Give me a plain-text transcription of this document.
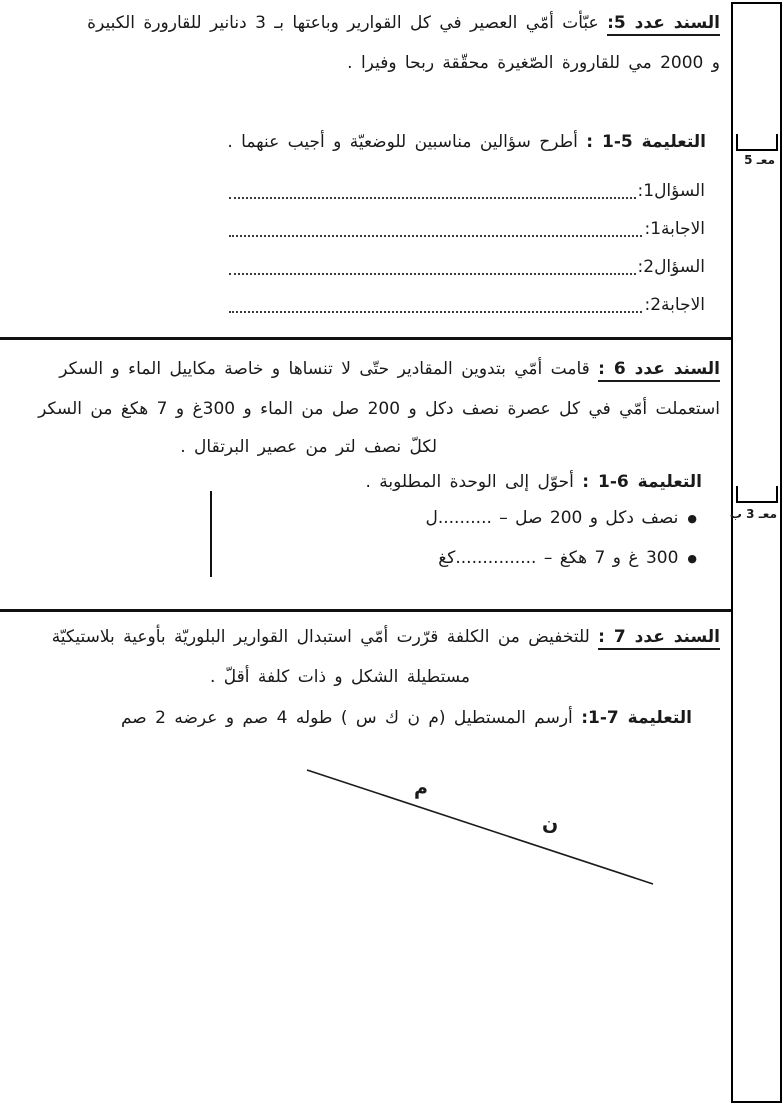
السند عدد 5: عبّأت أمّي العصير في كل القوارير وباعتها بـ 3 دنانير للقارورة الكبيرة
و 2000 مي للقارورة الصّغيرة محقّقة ربحا وفيرا .
التعليمة 5-1 : أطرح سؤالين مناسبين للوضعيّة و أجيب عنهما .
السؤال1:
الاجابة1:
السؤال2:
الاجابة2:
السند عدد 6 : قامت أمّي بتدوين المقادير حتّى لا تنساها و خاصة مكاييل الماء و السكر
استعملت أمّي في كل عصرة نصف دكل و 200 صل من الماء و 300غ و 7 هكغ من السكر
لكلّ نصف لتر من عصير البرتقال .
التعليمة 6-1 : أحوّل إلى الوحدة المطلوبة .
●
نصف دكل و 200 صل – ..........ل
●
300 غ و 7 هكغ – ...............كغ
السند عدد 7 : للتخفيض من الكلفة قرّرت أمّي استبدال القوارير البلوريّة بأوعية بلاستيكيّة
مستطيلة الشكل و ذات كلفة أقلّ .
التعليمة 7-1: أرسم المستطيل (م ن ك س ) طوله 4 صم و عرضه 2 صم
م
ن
معـ 5
معـ 3 ب
